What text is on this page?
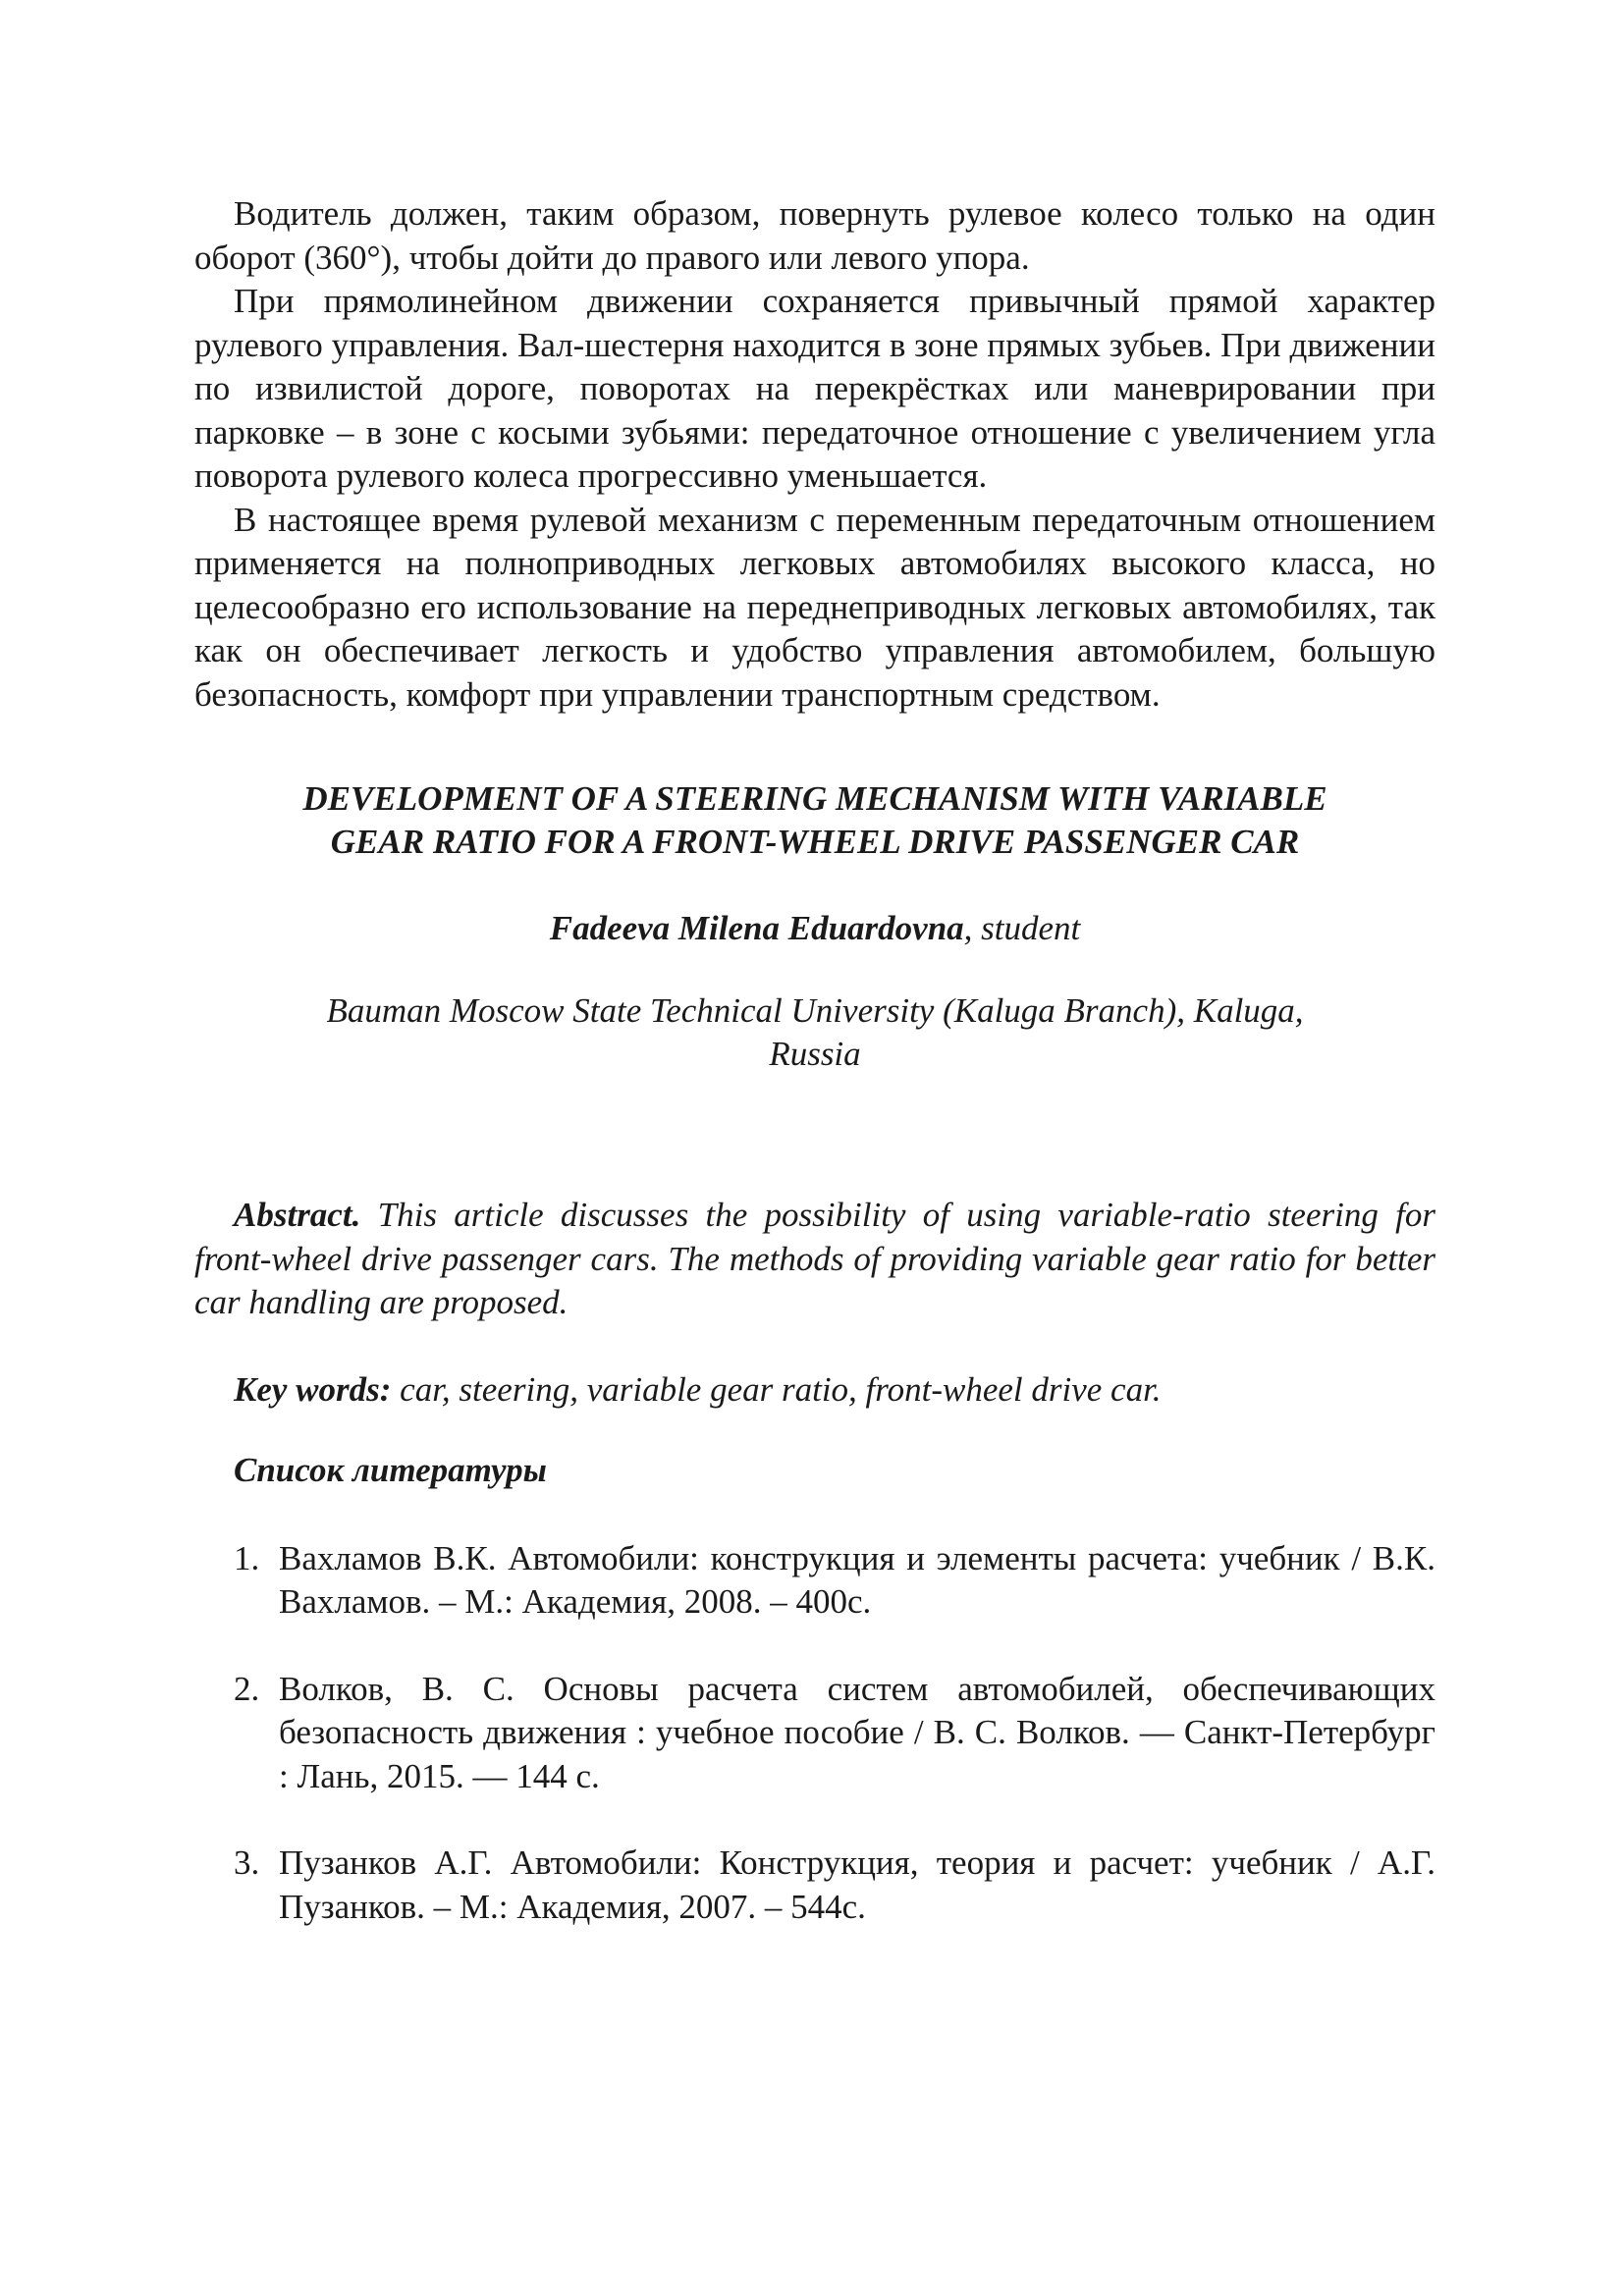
Водитель должен, таким образом, повернуть рулевое колесо только на один оборот (360°), чтобы дойти до правого или левого упора.

При прямолинейном движении сохраняется привычный прямой характер рулевого управления. Вал-шестерня находится в зоне прямых зубьев. При движении по извилистой дороге, поворотах на перекрёстках или маневрировании при парковке – в зоне с косыми зубьями: передаточное отношение с увеличением угла поворота рулевого колеса прогрессивно уменьшается.

В настоящее время рулевой механизм с переменным передаточным отношением применяется на полноприводных легковых автомобилях высокого класса, но целесообразно его использование на переднеприводных легковых автомобилях, так как он обеспечивает легкость и удобство управления автомобилем, большую безопасность, комфорт при управлении транспортным средством.

DEVELOPMENT OF A STEERING MECHANISM WITH VARIABLE
GEAR RATIO FOR A FRONT-WHEEL DRIVE PASSENGER CAR
Fadeeva Milena Eduardovna, student
Bauman Moscow State Technical University (Kaluga Branch), Kaluga,
Russia

Abstract. This article discusses the possibility of using variable-ratio steering for front-wheel drive passenger cars. The methods of providing variable gear ratio for better car handling are proposed.

Key words: car, steering, variable gear ratio, front-wheel drive car.

Список литературы
1. Вахламов В.К. Автомобили: конструкция и элементы расчета: учебник / В.К. Вахламов. – М.: Академия, 2008. – 400с.
2. Волков, В. С. Основы расчета систем автомобилей, обеспечивающих безопасность движения : учебное пособие / В. С. Волков. — Санкт-Петербург : Лань, 2015. — 144 с.
3. Пузанков А.Г. Автомобили: Конструкция, теория и расчет: учебник / А.Г. Пузанков. – М.: Академия, 2007. – 544с.
